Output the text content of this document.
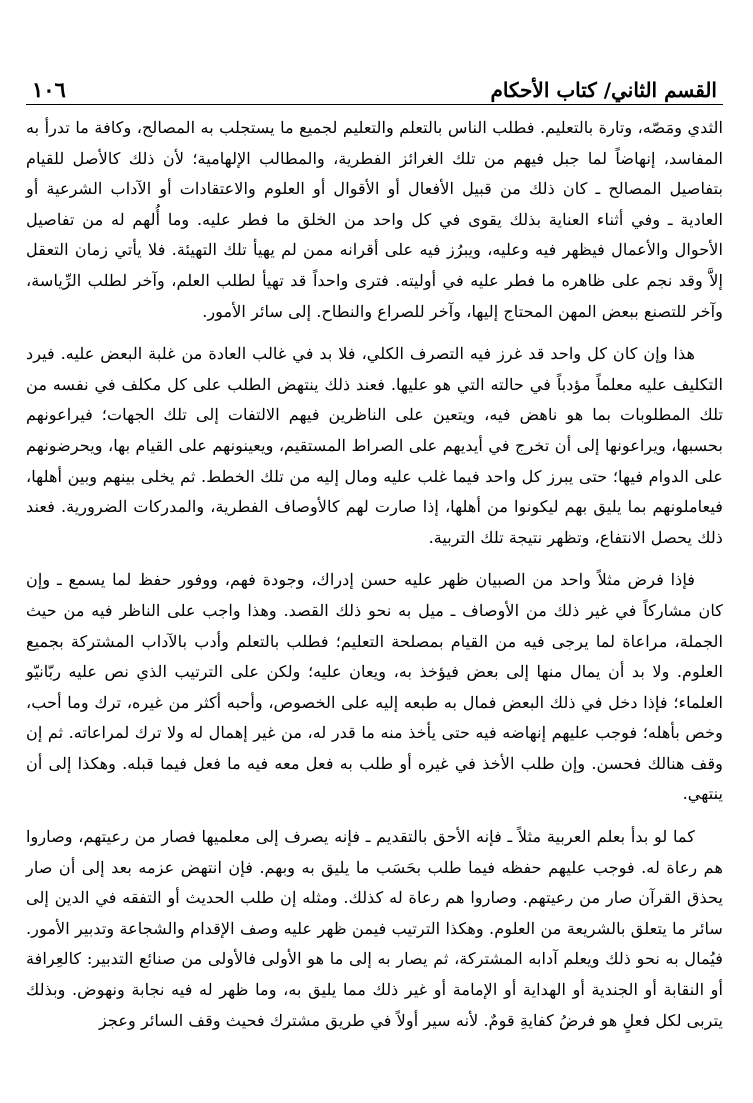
القسم الثاني/ كتاب الأحكام
١٠٦

الثدي ومَصّه، وتارة بالتعليم. فطلب الناس بالتعلم والتعليم لجميع ما يستجلب به المصالح، وكافة ما تدرأ به المفاسد، إنهاضاً لما جبل فيهم من تلك الغرائز الفطرية، والمطالب الإلهامية؛ لأن ذلك كالأصل للقيام بتفاصيل المصالح ـ كان ذلك من قبيل الأفعال أو الأقوال أو العلوم والاعتقادات أو الآداب الشرعية أو العادية ـ وفي أثناء العناية بذلك يقوى في كل واحد من الخلق ما فطر عليه. وما أُلهم له من تفاصيل الأحوال والأعمال فيظهر فيه وعليه، ويبرُز فيه على أقرانه ممن لم يهيأ تلك التهيئة. فلا يأتي زمان التعقل إلاَّ وقد نجم على ظاهره ما فطر عليه في أوليته. فترى واحداً قد تهيأ لطلب العلم، وآخر لطلب الرِّياسة، وآخر للتصنع ببعض المهن المحتاج إليها، وآخر للصراع والنطاح. إلى سائر الأمور.

هذا وإن كان كل واحد قد غرز فيه التصرف الكلي، فلا بد في غالب العادة من غلبة البعض عليه. فيرد التكليف عليه معلماً مؤدباً في حالته التي هو عليها. فعند ذلك ينتهض الطلب على كل مكلف في نفسه من تلك المطلوبات بما هو ناهض فيه، ويتعين على الناظرين فيهم الالتفات إلى تلك الجهات؛ فيراعونهم بحسبها، ويراعونها إلى أن تخرج في أيديهم على الصراط المستقيم، ويعينونهم على القيام بها، ويحرضونهم على الدوام فيها؛ حتى يبرز كل واحد فيما غلب عليه ومال إليه من تلك الخطط. ثم يخلى بينهم وبين أهلها، فيعاملونهم بما يليق بهم ليكونوا من أهلها، إذا صارت لهم كالأوصاف الفطرية، والمدركات الضرورية. فعند ذلك يحصل الانتفاع، وتظهر نتيجة تلك التربية.

فإذا فرض مثلاً واحد من الصبيان ظهر عليه حسن إدراك، وجودة فهم، ووفور حفظ لما يسمع ـ وإن كان مشاركاً في غير ذلك من الأوصاف ـ ميل به نحو ذلك القصد. وهذا واجب على الناظر فيه من حيث الجملة، مراعاة لما يرجى فيه من القيام بمصلحة التعليم؛ فطلب بالتعلم وأدب بالآداب المشتركة بجميع العلوم. ولا بد أن يمال منها إلى بعض فيؤخذ به، ويعان عليه؛ ولكن على الترتيب الذي نص عليه ربّانيّو العلماء؛ فإذا دخل في ذلك البعض فمال به طبعه إليه على الخصوص، وأحبه أكثر من غيره، ترك وما أحب، وخص بأهله؛ فوجب عليهم إنهاضه فيه حتى يأخذ منه ما قدر له، من غير إهمال له ولا ترك لمراعاته. ثم إن وقف هنالك فحسن. وإن طلب الأخذ في غيره أو طلب به فعل معه فيه ما فعل فيما قبله. وهكذا إلى أن ينتهي.

كما لو بدأ بعلم العربية مثلاً ـ فإنه الأحق بالتقديم ـ فإنه يصرف إلى معلميها فصار من رعيتهم، وصاروا هم رعاة له. فوجب عليهم حفظه فيما طلب بحَسَب ما يليق به وبهم. فإن انتهض عزمه بعد إلى أن صار يحذق القرآن صار من رعيتهم. وصاروا هم رعاة له كذلك. ومثله إن طلب الحديث أو التفقه في الدين إلى سائر ما يتعلق بالشريعة من العلوم. وهكذا الترتيب فيمن ظهر عليه وصف الإقدام والشجاعة وتدبير الأمور. فيُمال به نحو ذلك ويعلم آدابه المشتركة، ثم يصار به إلى ما هو الأولى فالأولى من صنائع التدبير: كالعِرافة أو النقابة أو الجندية أو الهداية أو الإمامة أو غير ذلك مما يليق به، وما ظهر له فيه نجابة ونهوض. وبذلك يتربى لكل فعلٍ هو فرضُ كفايةِ قومٌ. لأنه سير أولاً في طريق مشترك فحيث وقف السائر وعجز
